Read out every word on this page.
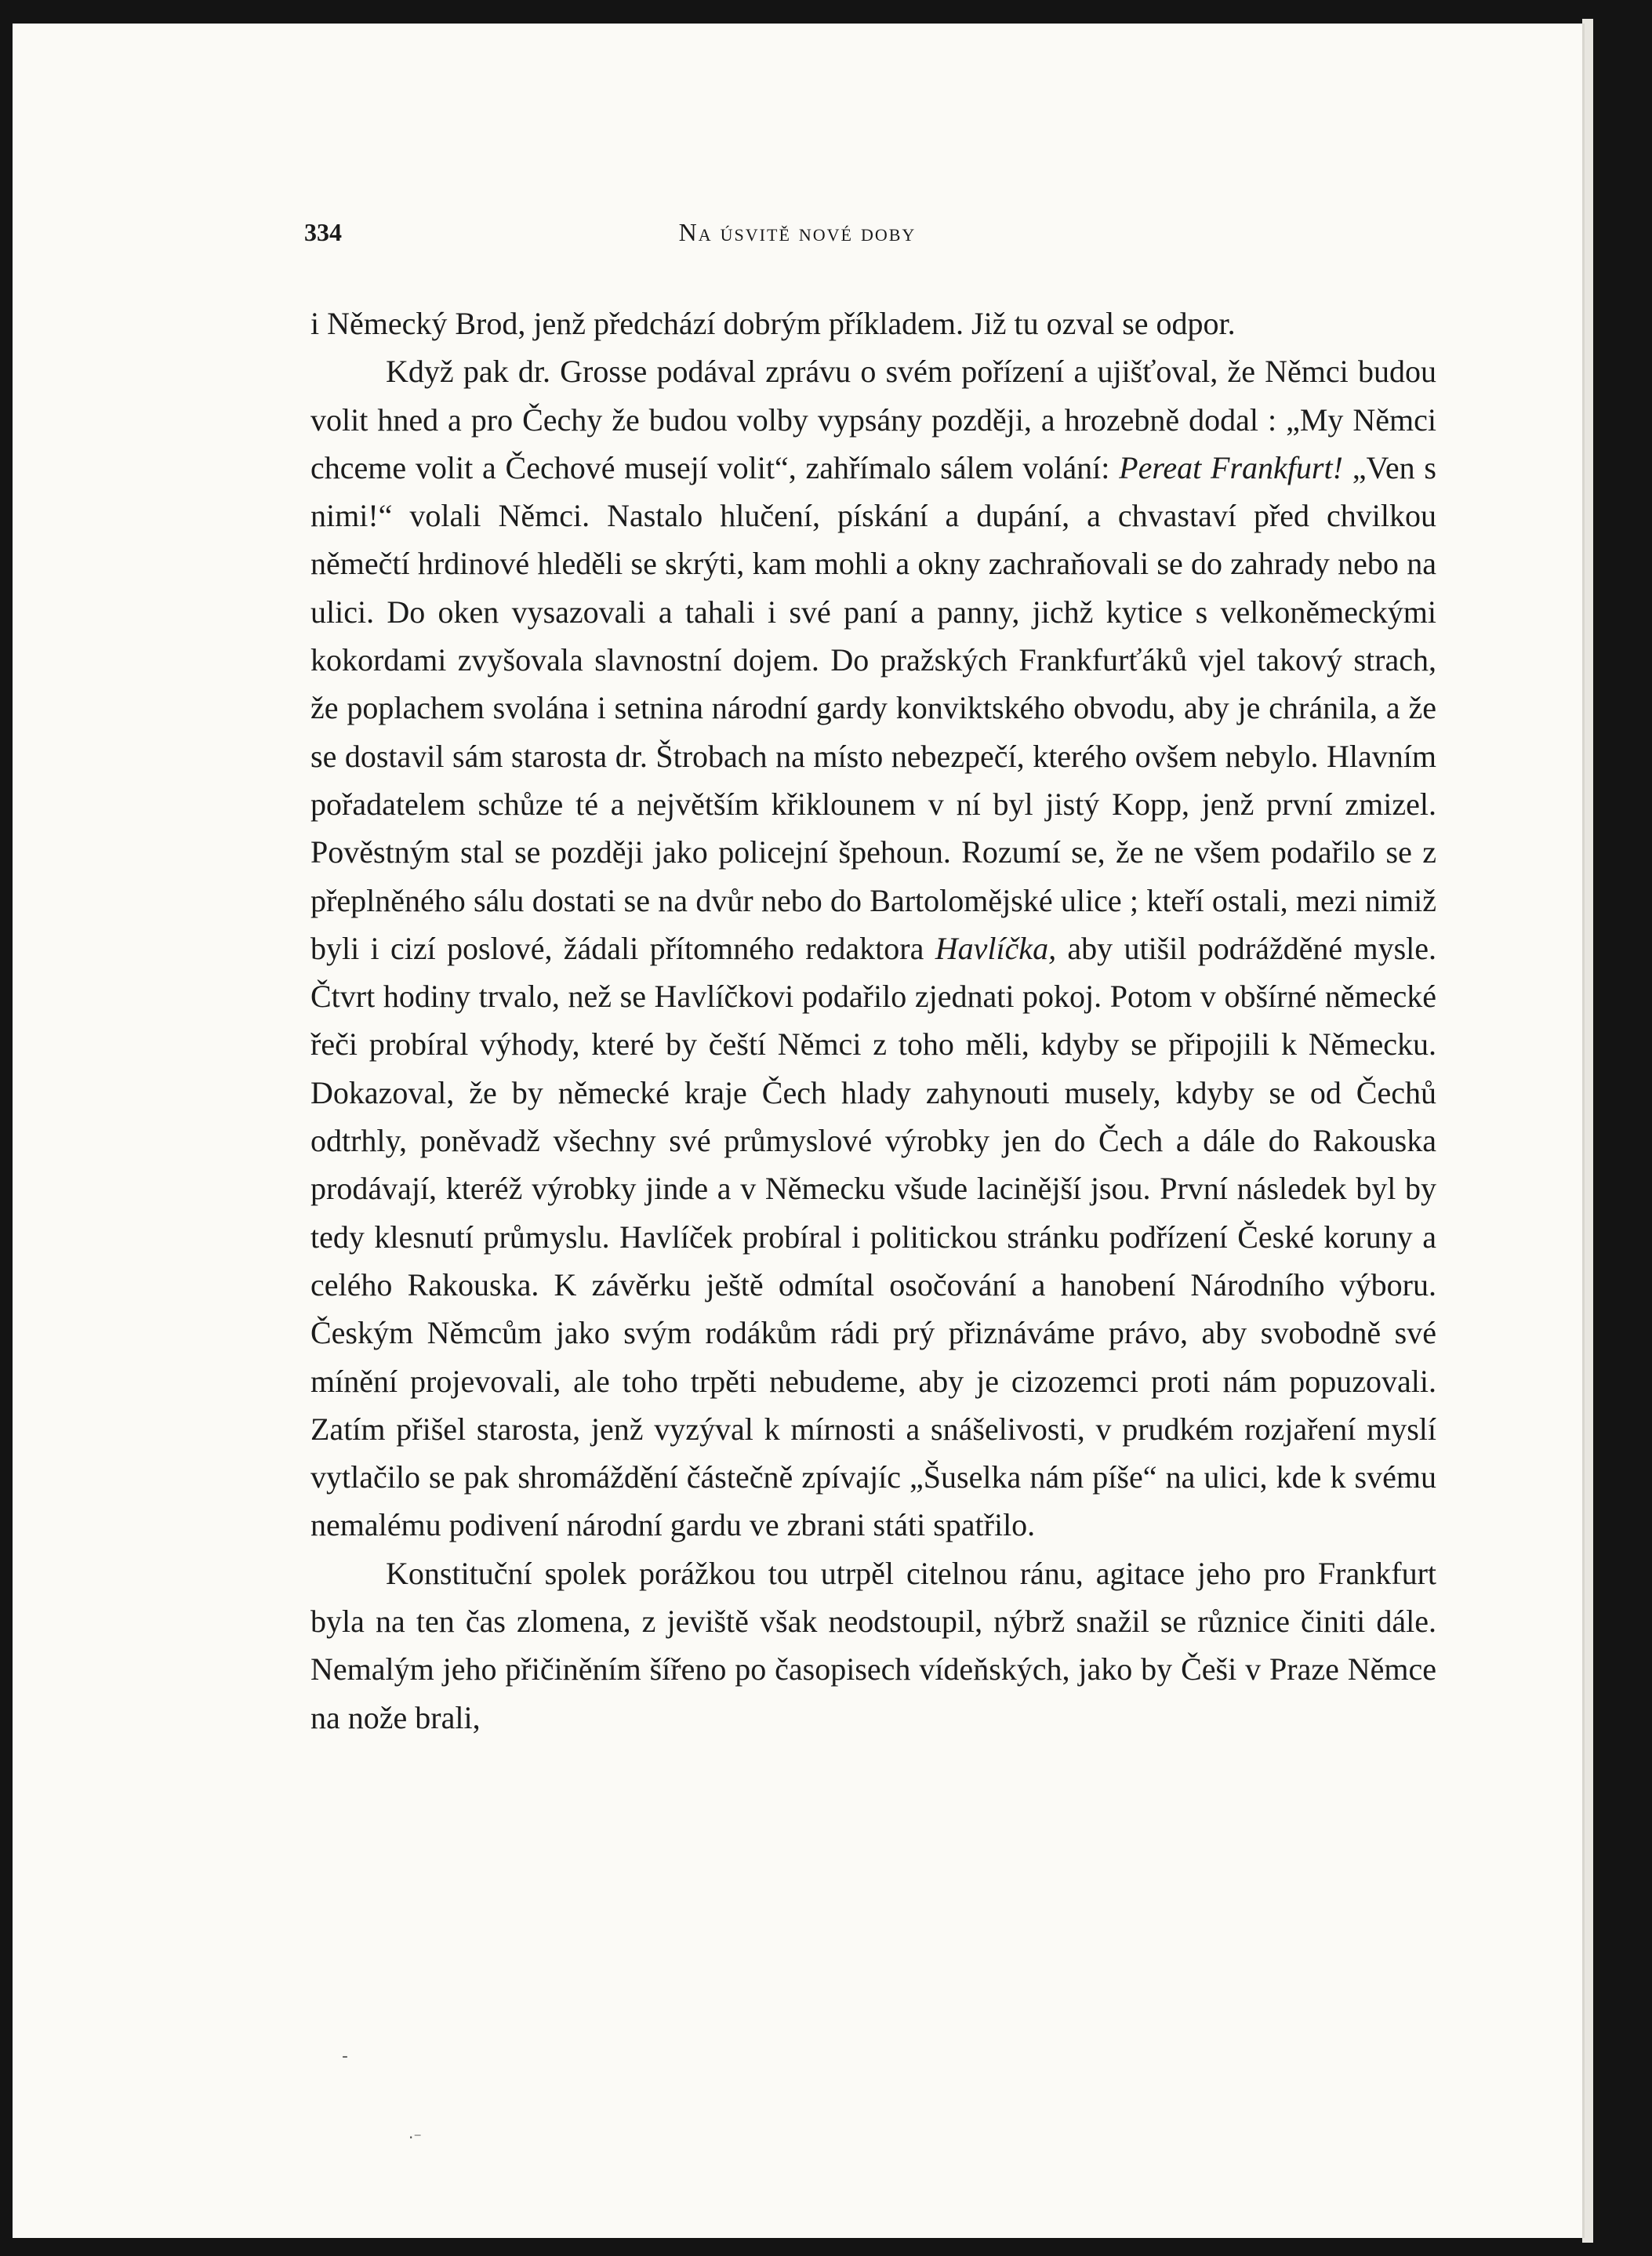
334	Na úsvitě nové doby

i Německý Brod, jenž předchází dobrým příkladem. Již tu ozval se odpor.

Když pak dr. Grosse podával zprávu o svém pořízení a ujišťoval, že Němci budou volit hned a pro Čechy že budou volby vypsány později, a hrozebně dodal : „My Němci chceme volit a Čechové musejí volit“, zahřímalo sálem volání: Pereat Frankfurt! „Ven s nimi!“ volali Němci. Nastalo hlučení, pískání a dupání, a chvastaví před chvilkou němečtí hrdinové hleděli se skrýti, kam mohli a okny zachraňovali se do zahrady nebo na ulici. Do oken vysazovali a tahali i své paní a panny, jichž kytice s velkoněmeckými kokordami zvyšovala slavnostní dojem. Do pražských Frankfurťáků vjel takový strach, že poplachem svolána i setnina národní gardy konviktského obvodu, aby je chránila, a že se dostavil sám starosta dr. Štrobach na místo nebezpečí, kterého ovšem nebylo. Hlavním pořadatelem schůze té a největším křiklounem v ní byl jistý Kopp, jenž první zmizel. Pověstným stal se později jako policejní špehoun. Rozumí se, že ne všem podařilo se z přeplněného sálu dostati se na dvůr nebo do Bartolomějské ulice ; kteří ostali, mezi nimiž byli i cizí poslové, žádali přítomného redaktora Havlíčka, aby utišil podrážděné mysle. Čtvrt hodiny trvalo, než se Havlíčkovi podařilo zjednati pokoj. Potom v obšírné německé řeči probíral výhody, které by čeští Němci z toho měli, kdyby se připojili k Německu. Dokazoval, že by německé kraje Čech hlady zahynouti musely, kdyby se od Čechů odtrhly, poněvadž všechny své průmyslové výrobky jen do Čech a dále do Rakouska prodávají, kteréž výrobky jinde a v Německu všude lacinější jsou. První následek byl by tedy klesnutí průmyslu. Havlíček probíral i politickou stránku podřízení České koruny a celého Rakouska. K závěrku ještě odmítal osočování a hanobení Národního výboru. Českým Němcům jako svým rodákům rádi prý přiznáváme právo, aby svobodně své mínění projevovali, ale toho trpěti nebudeme, aby je cizozemci proti nám popuzovali. Zatím přišel starosta, jenž vyzýval k mírnosti a snášelivosti, v prudkém rozjaření myslí vytlačilo se pak shromáždění částečně zpívajíc „Šuselka nám píše“ na ulici, kde k svému nemalému podivení národní gardu ve zbrani státi spatřilo.

Konstituční spolek porážkou tou utrpěl citelnou ránu, agitace jeho pro Frankfurt byla na ten čas zlomena, z jeviště však neodstoupil, nýbrž snažil se různice činiti dále. Nemalým jeho přičiněním šířeno po časopisech vídeňských, jako by Češi v Praze Němce na nože brali,

-
·⁻
